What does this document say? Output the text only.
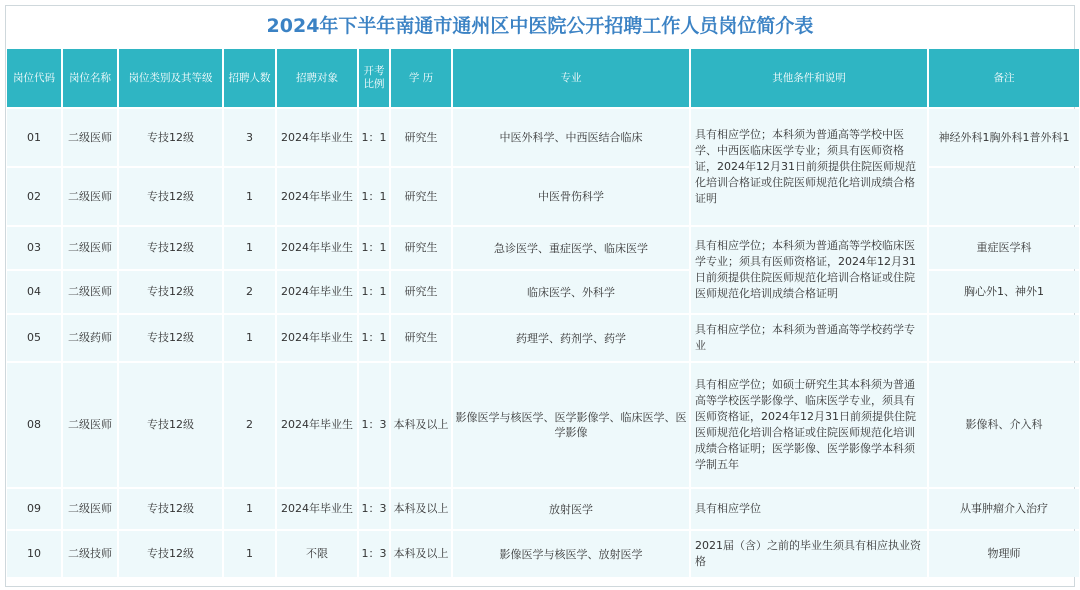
2024年下半年南通市通州区中医院公开招聘工作人员岗位简介表
岗位代码	岗位名称	岗位类别及其等级	招聘人数	招聘对象	开考比例	学 历	专业	其他条件和说明	备注
01	二级医师	专技12级	3	2024年毕业生	1：1	研究生	中医外科学、中西医结合临床	具有相应学位；本科须为普通高等学校中医学、中西医临床医学专业；须具有医师资格证，2024年12月31日前须提供住院医师规范化培训合格证或住院医师规范化培训成绩合格证明	神经外科1胸外科1普外科1
02	二级医师	专技12级	1	2024年毕业生	1：1	研究生	中医骨伤科学		
03	二级医师	专技12级	1	2024年毕业生	1：1	研究生	急诊医学、重症医学、临床医学	具有相应学位；本科须为普通高等学校临床医学专业；须具有医师资格证，2024年12月31日前须提供住院医师规范化培训合格证或住院医师规范化培训成绩合格证明	重症医学科
04	二级医师	专技12级	2	2024年毕业生	1：1	研究生	临床医学、外科学		胸心外1、神外1
05	二级药师	专技12级	1	2024年毕业生	1：1	研究生	药理学、药剂学、药学	具有相应学位；本科须为普通高等学校药学专业	
08	二级医师	专技12级	2	2024年毕业生	1：3	本科及以上	影像医学与核医学、医学影像学、临床医学、医学影像	具有相应学位；如硕士研究生其本科须为普通高等学校医学影像学、临床医学专业，须具有医师资格证，2024年12月31日前须提供住院医师规范化培训合格证或住院医师规范化培训成绩合格证明；医学影像、医学影像学本科须学制五年	影像科、介入科
09	二级医师	专技12级	1	2024年毕业生	1：3	本科及以上	放射医学	具有相应学位	从事肿瘤介入治疗
10	二级技师	专技12级	1	不限	1：3	本科及以上	影像医学与核医学、放射医学	2021届（含）之前的毕业生须具有相应执业资格	物理师
